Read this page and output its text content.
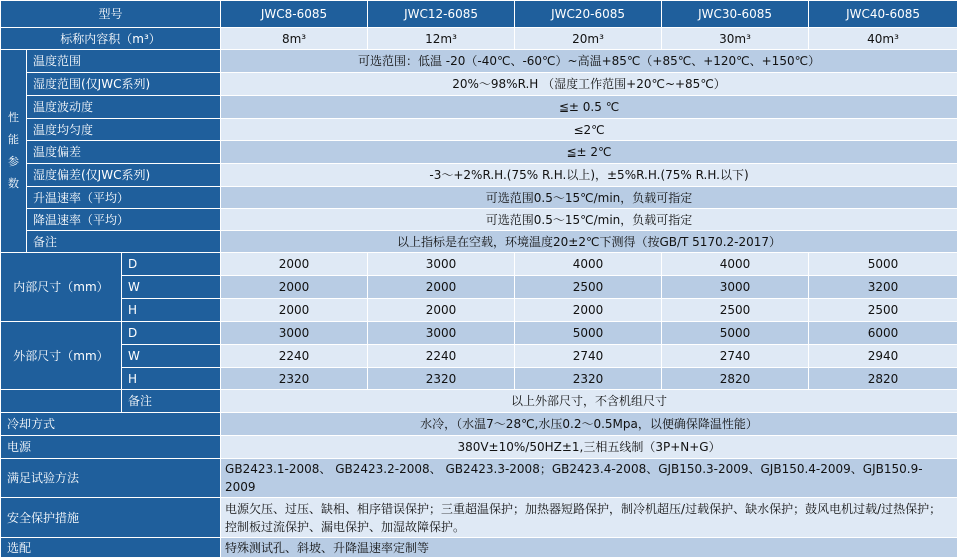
型号			JWC8-6085	JWC12-6085	JWC20-6085	JWC30-6085	JWC40-6085
标称内容积（m³）			8m³	12m³	20m³	30m³	40m³
性
能
参
数	温度范围		可选范围：低温 -20（-40℃、-60℃）~高温+85℃（+85℃、+120℃、+150℃）				
	湿度范围(仅JWC系列)		20%～98%R.H （湿度工作范围+20℃~+85℃）				
	温度波动度		≦± 0.5 ℃				
	温度均匀度		≤2℃				
	温度偏差		≦± 2℃				
	湿度偏差(仅JWC系列)		-3～+2%R.H.(75% R.H.以上)，±5%R.H.(75% R.H.以下)				
	升温速率（平均）		可选范围0.5～15℃/min，负载可指定				
	降温速率（平均）		可选范围0.5～15℃/min，负载可指定				
	备注		以上指标是在空载，环境温度20±2℃下测得（按GB/T 5170.2-2017）				
内部尺寸（mm）		D	2000	3000	4000	4000	5000
		W	2000	2000	2500	3000	3200
		H	2000	2000	2000	2500	2500
外部尺寸（mm）		D	3000	3000	5000	5000	6000
		W	2240	2240	2740	2740	2940
		H	2320	2320	2320	2820	2820
		备注	以上外部尺寸，不含机组尺寸				
冷却方式			水冷，（水温7～28℃,水压0.2～0.5Mpa，以便确保降温性能）				
电源			380V±10%/50HZ±1,三相五线制（3P+N+G）				
满足试验方法			GB2423.1-2008、 GB2423.2-2008、 GB2423.3-2008；GB2423.4-2008、GJB150.3-2009、GJB150.4-2009、GJB150.9-2009				
安全保护措施			电源欠压、过压、缺相、相序错误保护；三重超温保护；加热器短路保护，制冷机超压/过载保护、缺水保护；鼓风电机过载/过热保护；控制板过流保护、漏电保护、加湿故障保护。				
选配			特殊测试孔、斜坡、升降温速率定制等				
